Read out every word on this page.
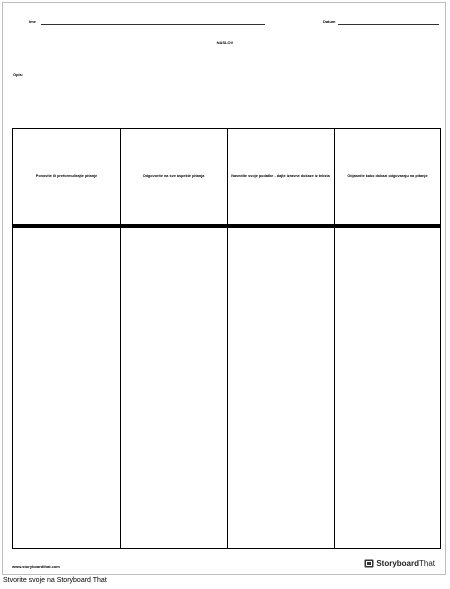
Ime	Datum
NASLOV
Opis:
Ponovite ili preformulirajte pitanje	Odgovorite na sve aspekte pitanja	Navedite svoje podatke - dajte izravne dokaze iz teksta	Objasnite kako dokazi odgovaraju na pitanje
www.storyboardthat.com	StoryboardThat
Stvorite svoje na Storyboard That
